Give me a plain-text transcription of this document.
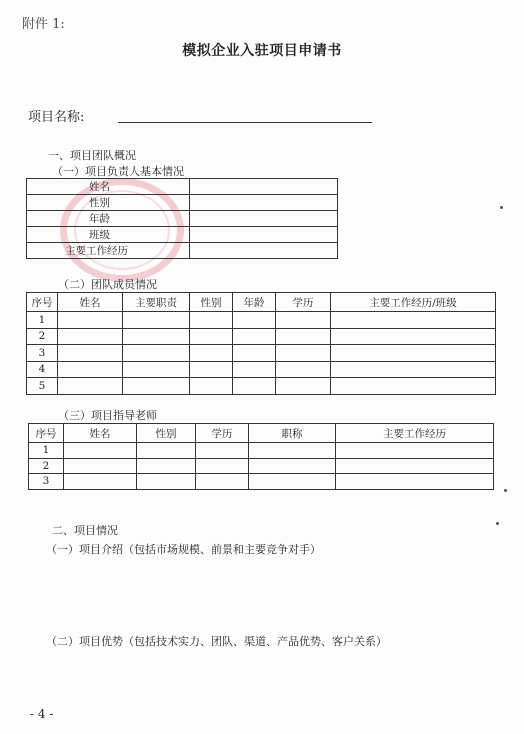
附件 1:
模拟企业入驻项目申请书
项目名称:
一、项目团队概况
（一）项目负责人基本情况
姓名	
性别	
年龄	
班级	
主要工作经历	
（二）团队成员情况
序号	姓名	主要职责	性别	年龄	学历	主要工作经历/班级
1						
2						
3						
4						
5						
（三）项目指导老师
序号	姓名	性别	学历	职称	主要工作经历
1					
2					
3					
二、项目情况
（一）项目介绍（包括市场规模、前景和主要竞争对手）
（二）项目优势（包括技术实力、团队、渠道、产品优势、客户关系）
- 4 -
